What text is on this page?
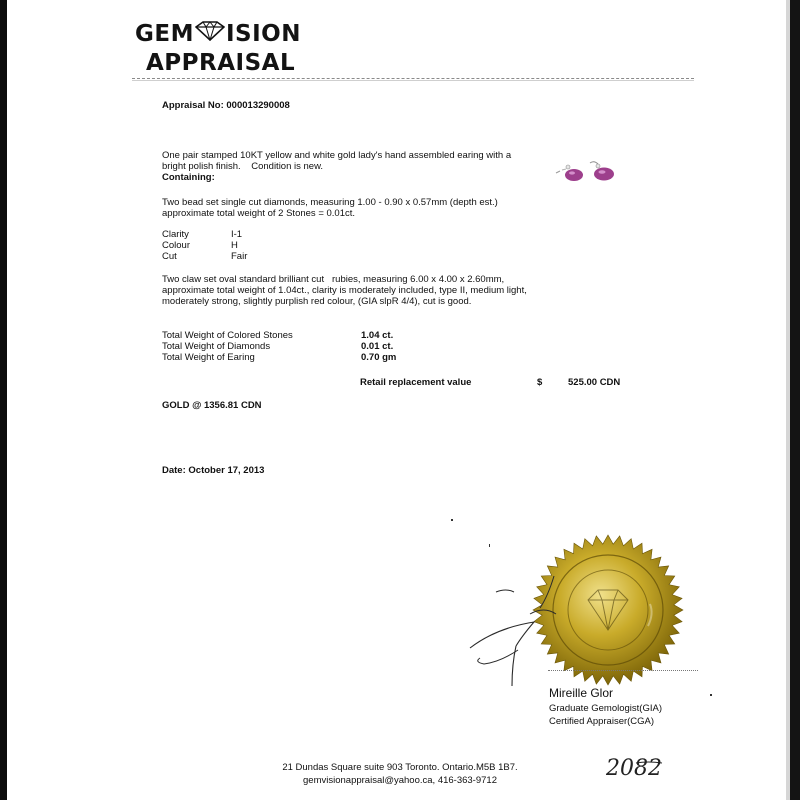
GEM ISION
APPRAISAL
Appraisal No: 000013290008
One pair stamped 10KT yellow and white gold lady's hand assembled earing with a
bright polish finish.    Condition is new.
Containing:
Two bead set single cut diamonds, measuring 1.00 - 0.90 x 0.57mm (depth est.)
approximate total weight of 2 Stones = 0.01ct.
Clarity	I-1
Colour	H
Cut	Fair
Two claw set oval standard brilliant cut   rubies, measuring 6.00 x 4.00 x 2.60mm,
approximate total weight of 1.04ct., clarity is moderately included, type II, medium light,
moderately strong, slightly purplish red colour, (GIA slpR 4/4), cut is good.
Total Weight of Colored Stones	1.04 ct.
Total Weight of Diamonds	0.01 ct.
Total Weight of Earing	0.70 gm
Retail replacement value	$	525.00 CDN
GOLD @ 1356.81 CDN
Date: October 17, 2013
Mireille Glor
Graduate Gemologist(GIA)
Certified Appraiser(CGA)
21 Dundas Square suite 903 Toronto. Ontario.M5B 1B7.
gemvisionappraisal@yahoo.ca, 416-363-9712	2082
